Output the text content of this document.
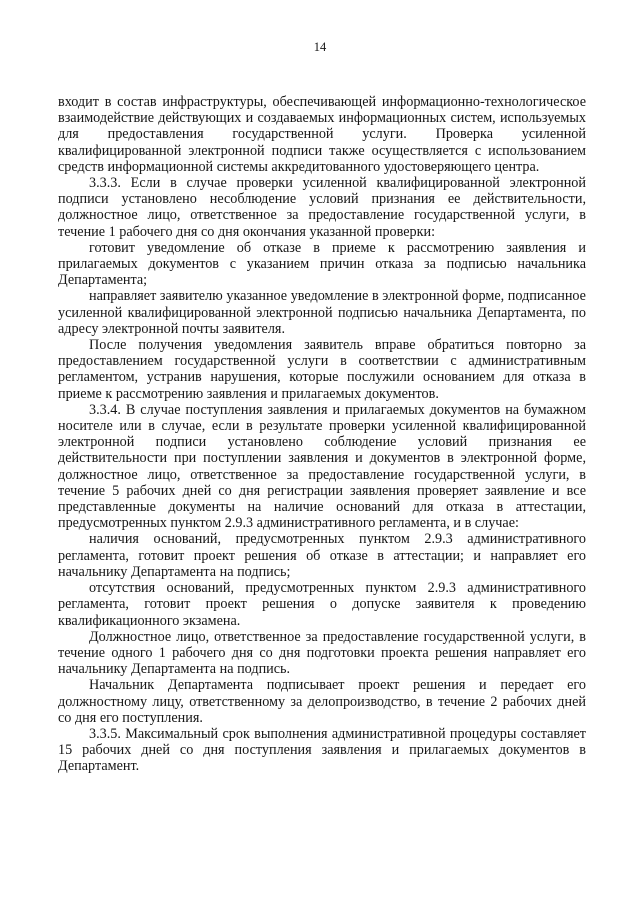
14

входит в состав инфраструктуры, обеспечивающей информационно-технологическое взаимодействие действующих и создаваемых информационных систем, используемых для предоставления государственной услуги. Проверка усиленной квалифицированной электронной подписи также осуществляется с использованием средств информационной системы аккредитованного удостоверяющего центра.

3.3.3. Если в случае проверки усиленной квалифицированной электронной подписи установлено несоблюдение условий признания ее действительности, должностное лицо, ответственное за предоставление государственной услуги, в течение 1 рабочего дня со дня окончания указанной проверки:

готовит уведомление об отказе в приеме к рассмотрению заявления и прилагаемых документов с указанием причин отказа за подписью начальника Департамента;

направляет заявителю указанное уведомление в электронной форме, подписанное усиленной квалифицированной электронной подписью начальника Департамента, по адресу электронной почты заявителя.

После получения уведомления заявитель вправе обратиться повторно за предоставлением государственной услуги в соответствии с административным регламентом, устранив нарушения, которые послужили основанием для отказа в приеме к рассмотрению заявления и прилагаемых документов.

3.3.4. В случае поступления заявления и прилагаемых документов на бумажном носителе или в случае, если в результате проверки усиленной квалифицированной электронной подписи установлено соблюдение условий признания ее действительности при поступлении заявления и документов в электронной форме, должностное лицо, ответственное за предоставление государственной услуги, в течение 5 рабочих дней со дня регистрации заявления проверяет заявление и все представленные документы на наличие оснований для отказа в аттестации, предусмотренных пунктом 2.9.3 административного регламента, и в случае:

наличия оснований, предусмотренных пунктом 2.9.3 административного регламента, готовит проект решения об отказе в аттестации; и направляет его начальнику Департамента на подпись;

отсутствия оснований, предусмотренных пунктом 2.9.3 административного регламента, готовит проект решения о допуске заявителя к проведению квалификационного экзамена.

Должностное лицо, ответственное за предоставление государственной услуги, в течение одного 1 рабочего дня со дня подготовки проекта решения направляет его начальнику Департамента на подпись.

Начальник Департамента подписывает проект решения и передает его должностному лицу, ответственному за делопроизводство, в течение 2 рабочих дней со дня его поступления.

3.3.5. Максимальный срок выполнения административной процедуры составляет 15 рабочих дней со дня поступления заявления и прилагаемых документов в Департамент.
